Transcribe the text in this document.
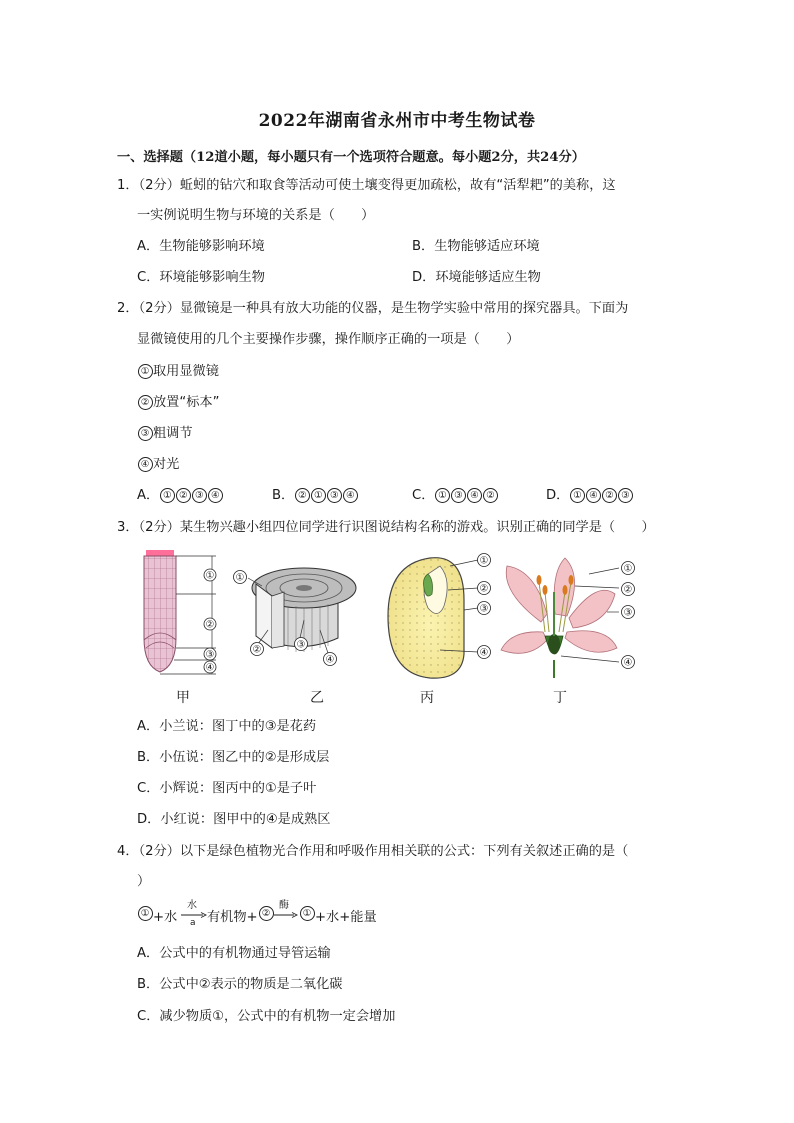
2022年湖南省永州市中考生物试卷
一、选择题（12道小题，每小题只有一个选项符合题意。每小题2分，共24分）
1．（2分）蚯蚓的钻穴和取食等活动可使土壤变得更加疏松，故有“活犁耙”的美称，这
一实例说明生物与环境的关系是（　　）
A．生物能够影响环境	B．生物能够适应环境
C．环境能够影响生物	D．环境能够适应生物
2．（2分）显微镜是一种具有放大功能的仪器，是生物学实验中常用的探究器具。下面为
显微镜使用的几个主要操作步骤，操作顺序正确的一项是（　　）
① 取用显微镜
② 放置“标本”
③ 粗调节
④ 对光
A． ① ② ③ ④	B． ② ① ③ ④	C． ① ③ ④ ②	D． ① ④ ② ③
3．（2分）某生物兴趣小组四位同学进行识图说结构名称的游戏。识别正确的同学是（　　）
①
②
③
④
甲
①
②	③
④
乙
①
②
③
④
丙
①
②
③
④
丁
A．小兰说：图丁中的③是花药
B．小伍说：图乙中的②是形成层
C．小辉说：图丙中的①是子叶
D．小红说：图甲中的④是成熟区
4．（2分）以下是绿色植物光合作用和呼吸作用相关联的公式：下列有关叙述正确的是（
）
① +水
水
a 有机物+ ②
酶
→ ① +水+能量
A．公式中的有机物通过导管运输
B．公式中②表示的物质是二氧化碳
C．减少物质①，公式中的有机物一定会增加
